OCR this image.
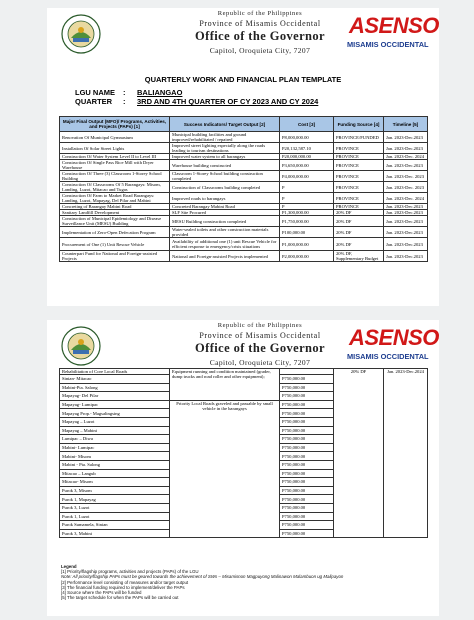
Republic of the Philippines
Province of Misamis Occidental
Office of the Governor
Capitol, Oroquieta City, 7207
ASENSO
MISAMIS OCCIDENTAL
QUARTERLY WORK AND FINANCIAL PLAN TEMPLATE
LGU NAME : BALIANGAO
QUARTER : 3RD AND 4TH QUARTER OF CY 2023 AND CY 2024
Major Final Output (MFO)/ Programs, Activities, and Projects (PAPs) [1]	Success Indicators/ Target Output [2]	Cost [3]	Funding Source [4]	Timeline [5]
Renovation Of Municipal Gymnasium	Municipal building facilities and ground improved/rehabilitated / repaired	P8,000,000.00	PROVINCE/FUNDED	Jan. 2023-Dec.2023
Installation Of Solar Street Lights	Improved street lighting especially along the roads leading to tourism destinations	P20,132,587.10	PROVINCE	Jan. 2023-Dec.2023
Construction Of Water System Level II to Level III	Improved water system to all barangays	P20,000,000.00	PROVINCE	Jan. 2023-Dec. 2024
Construction Of Single Pass Rice Mill with Dryer Warehouse	Warehouse building constructed	P3,650,000.00	PROVINCE	Jan. 2023-Dec.2023
Construction Of Three (3) Classroom 1-Storey School Building	Classroom 1-Storey School building construction completed	P4,000,000.00	PROVINCE	Jan. 2023-Dec. 2023
Construction Of Classrooms Of 5 Barangays: Misom, Landing, Luzot, Mitacao and Tugas	Construction of Classrooms building completed	P	PROVINCE	Jan. 2023-Dec. 2023
Construction Of Farm to Market Road Barangays: Landing, Luzot, Mapayag, Del Pilar and Mabini	Improved roads to barangays	P	PROVINCE	Jan. 2023-Dec. 2024
Concreting of Barangay Mabini Road	Concreted Barangay Mabini Road	P	PROVINCE	Jan. 2023-Dec.2023
Sanitary Landfill Development	SLF Site Procured	P1,300,000.00	20% DF	Jan. 2023-Dec.2023
Construction of Municipal Epidemiology and Disease Surveillance Unit (MESU) Building	MESU Building construction completed	P1,750,000.00	20% DF	Jan. 2023-Dec.2023
Implementation of Zero-Open Defecation Program	Water-sealed toilets and other construction materials provided	P100,000.00	20% DF	Jan. 2023-Dec.2023
Procurement of One (1) Unit Rescue Vehicle	Availability of additional one (1) unit Rescue Vehicle for efficient response to emergency/crisis situations	P1,000,000.00	20% DF	Jan. 2023-Dec.2023
Counterpart Fund for National and Foreign-assisted Projects	National and Foreign-assisted Projects implemented	P2,000,000.00	20% DF, Supplementary Budget	Jan. 2023-Dec.2023
Republic of the Philippines
Province of Misamis Occidental
Office of the Governor
Capitol, Oroquieta City, 7207
ASENSO
MISAMIS OCCIDENTAL
Rehabilitation of Core Local Roads	Equipment running and condition maintained (grader, dump trucks and road roller and other equipment);		20% DF	Jan. 2023-Dec.2024
Sinian- Mitacao		P750,000.00		
Mabini-Pta. Salong		P750,000.00		
Mapayag- Del Pilar		P750,000.00		
Mapayag- Lumipac	Priority Local Roads graveled and passable by small vehicle in the barangays	P750,000.00		
Mapayag Prop.- Magsalingsing		P750,000.00		
Mapayag – Luzot		P750,000.00		
Mapayag – Mabini		P750,000.00		
Lumipac – Diwa		P750,000.00		
Mabini- Lumipac		P750,000.00		
Mabini- Misom		P750,000.00		
Mabini - Pta. Salong		P750,000.00		
Mitacao – Langub		P750,000.00		
Mitacao- Misom		P750,000.00		
Purok 3, Misom		P750,000.00		
Purok 1, Mapayag		P750,000.00		
Purok 3, Luzot		P750,000.00		
Purok 1, Luzot		P750,000.00		
Purok Sumamela, Sinian		P750,000.00		
Purok 3, Mabini		P750,000.00		
Legend
[1] Priority/flagship programs, activities and projects (PAPs) of the LGU
Note: All priority/flagship PAPs must be geared towards the achievement of SWs – Misamisnon Magpuyong Malinawon Malambuon ug Malipayon
[2] Performance level consisting of measures and/or target output
[3] The financial funding required to implement/deliver the PAPs
[4] Source where the PAPs will be funded
[5] The target schedule for when the PAPs will be carried out
